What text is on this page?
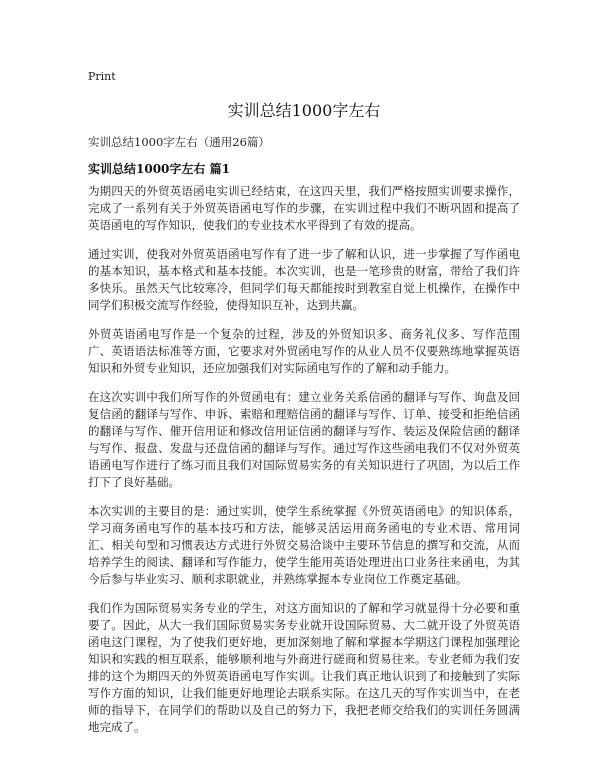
Print
实训总结1000字左右
实训总结1000字左右（通用26篇）
实训总结1000字左右 篇1

为期四天的外贸英语函电实训已经结束，在这四天里，我们严格按照实训要求操作，完成了一系列有关于外贸英语函电写作的步骤，在实训过程中我们不断巩固和提高了英语函电的写作知识，使我们的专业技术水平得到了有效的提高。

通过实训，使我对外贸英语函电写作有了进一步了解和认识，进一步掌握了写作函电的基本知识，基本格式和基本技能。本次实训，也是一笔珍贵的财富，带给了我们许多快乐。虽然天气比较寒冷，但同学们每天都能按时到教室自觉上机操作，在操作中同学们积极交流写作经验，使得知识互补，达到共赢。

外贸英语函电写作是一个复杂的过程，涉及的外贸知识多、商务礼仪多、写作范围广、英语语法标准等方面，它要求对外贸函电写作的从业人员不仅要熟练地掌握英语知识和外贸专业知识，还应加强我们对实际函电写作的了解和动手能力。

在这次实训中我们所写作的外贸函电有：建立业务关系信函的翻译与写作、询盘及回复信函的翻译与写作、申诉、索赔和理赔信函的翻译与写作、订单、接受和拒绝信函的翻译与写作、催开信用证和修改信用证信函的翻译与写作、装运及保险信函的翻译与写作、报盘、发盘与还盘信函的翻译与写作。通过写作这些函电我们不仅对外贸英语函电写作进行了练习而且我们对国际贸易实务的有关知识进行了巩固，为以后工作打下了良好基础。

本次实训的主要目的是：通过实训，使学生系统掌握《外贸英语函电》的知识体系，学习商务函电写作的基本技巧和方法，能够灵活运用商务函电的专业术语、常用词汇、相关句型和习惯表达方式进行外贸交易洽谈中主要环节信息的撰写和交流，从而培养学生的阅读、翻译和写作能力，使学生能用英语处理进出口业务往来函电，为其今后参与毕业实习、顺利求职就业，并熟练掌握本专业岗位工作奠定基础。

我们作为国际贸易实务专业的学生，对这方面知识的了解和学习就显得十分必要和重要了。因此，从大一我们国际贸易实务专业就开设国际贸易、大二就开设了外贸英语函电这门课程，为了使我们更好地，更加深刻地了解和掌握本学期这门课程加强理论知识和实践的相互联系，能够顺利地与外商进行磋商和贸易往来。专业老师为我们安排的这个为期四天的外贸英语函电写作实训。让我们真正地认识到了和接触到了实际写作方面的知识，让我们能更好地理论去联系实际。在这几天的写作实训当中，在老师的指导下，在同学们的帮助以及自己的努力下，我把老师交给我们的实训任务圆满地完成了。
